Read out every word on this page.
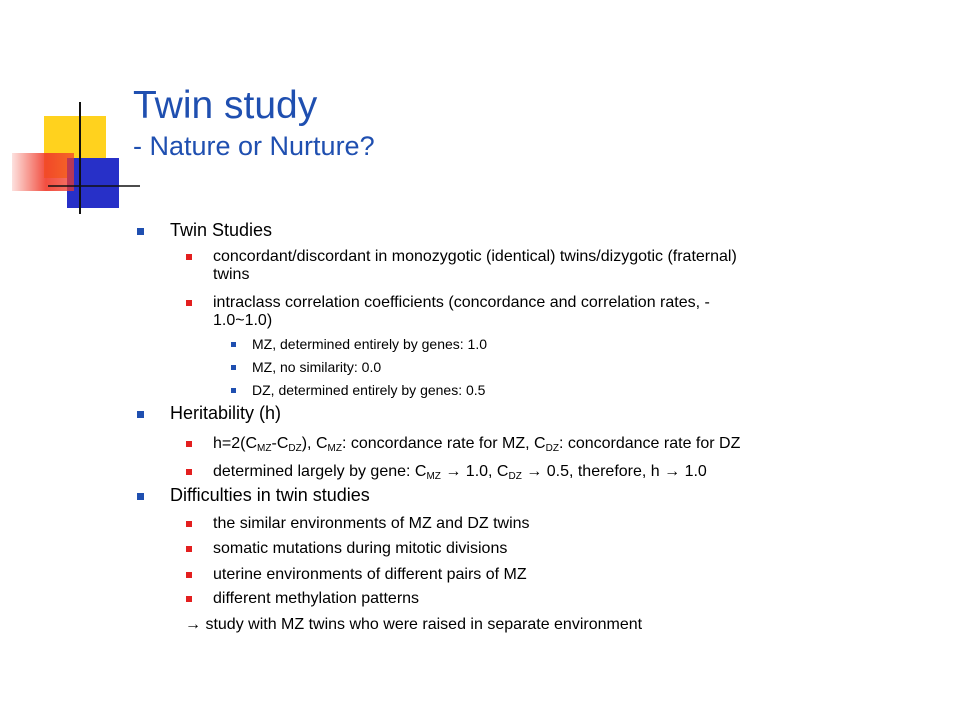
Twin study
- Nature or Nurture?
Twin Studies
concordant/discordant in monozygotic (identical) twins/dizygotic (fraternal)
twins
intraclass correlation coefficients (concordance and correlation rates, -
1.0~1.0)
MZ, determined entirely by genes: 1.0
MZ, no similarity: 0.0
DZ, determined entirely by genes: 0.5
Heritability (h)
$h=2(C_{MZ}-C_{DZ})$, $C_{MZ}$: concordance rate for MZ, $C_{DZ}$: concordance rate for DZ
determined largely by gene: $C_{MZ} \to 1.0$, $C_{DZ} \to 0.5$, therefore, h → 1.0
Difficulties in twin studies
the similar environments of MZ and DZ twins
somatic mutations during mitotic divisions
uterine environments of different pairs of MZ
different methylation patterns
→ study with MZ twins who were raised in separate environment
